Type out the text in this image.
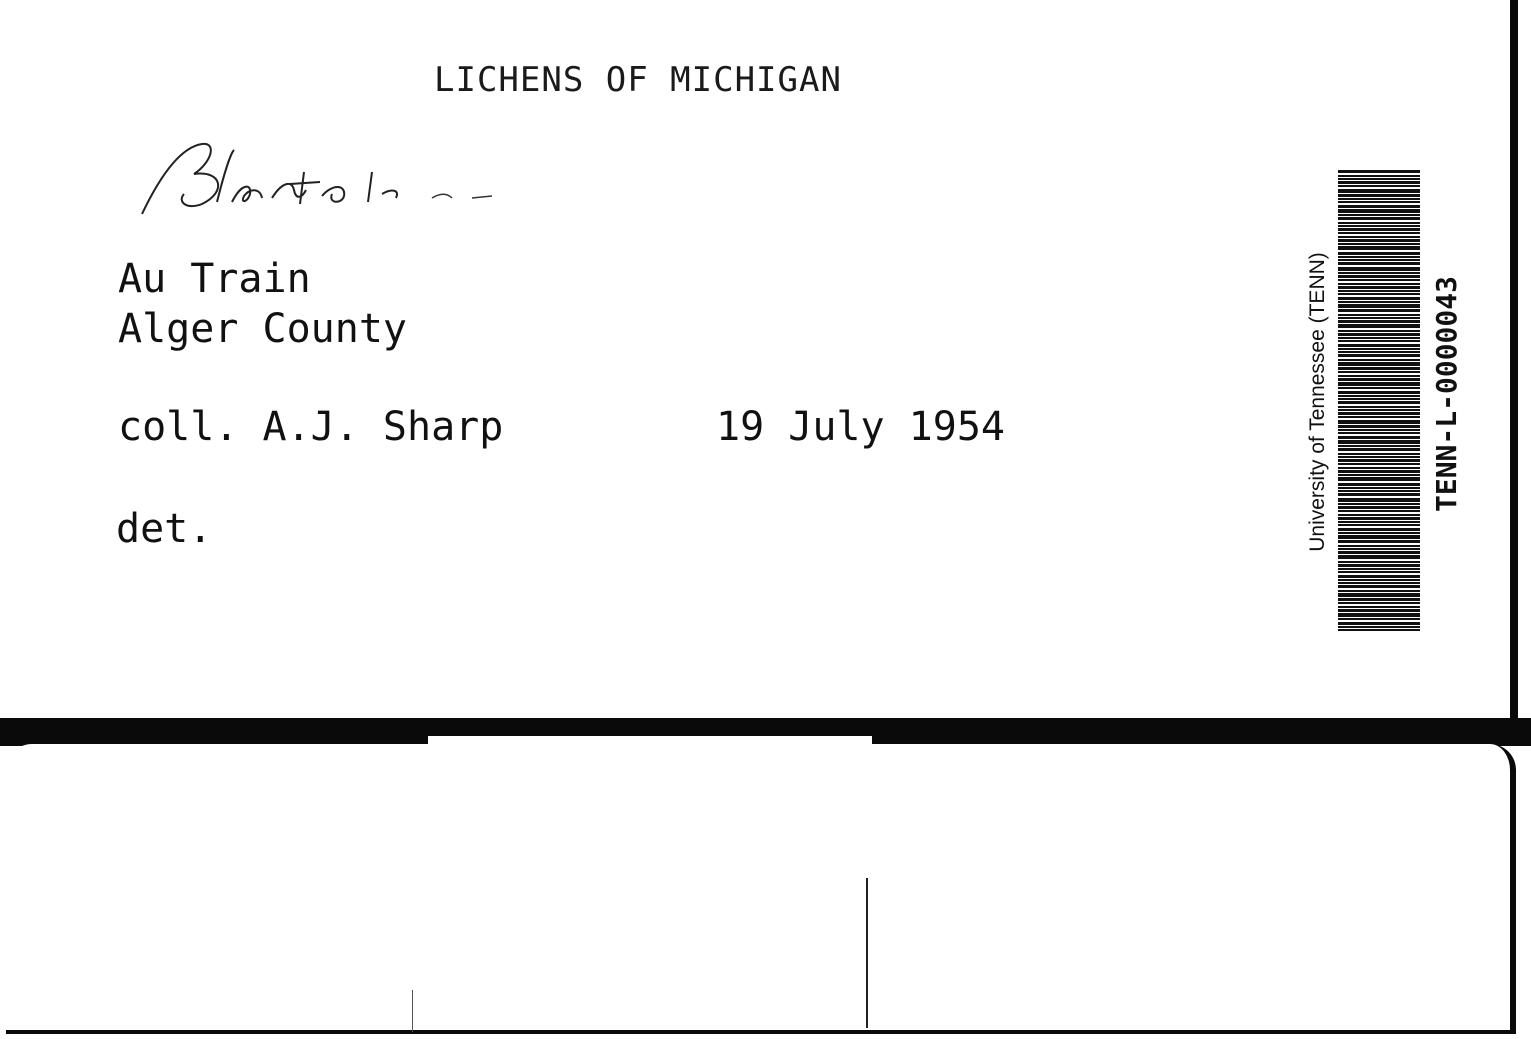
LICHENS OF MICHIGAN
Au Train
Alger County
coll. A.J. Sharp	19 July 1954
det.	University of Tennessee (TENN)	TENN-L-0000043
